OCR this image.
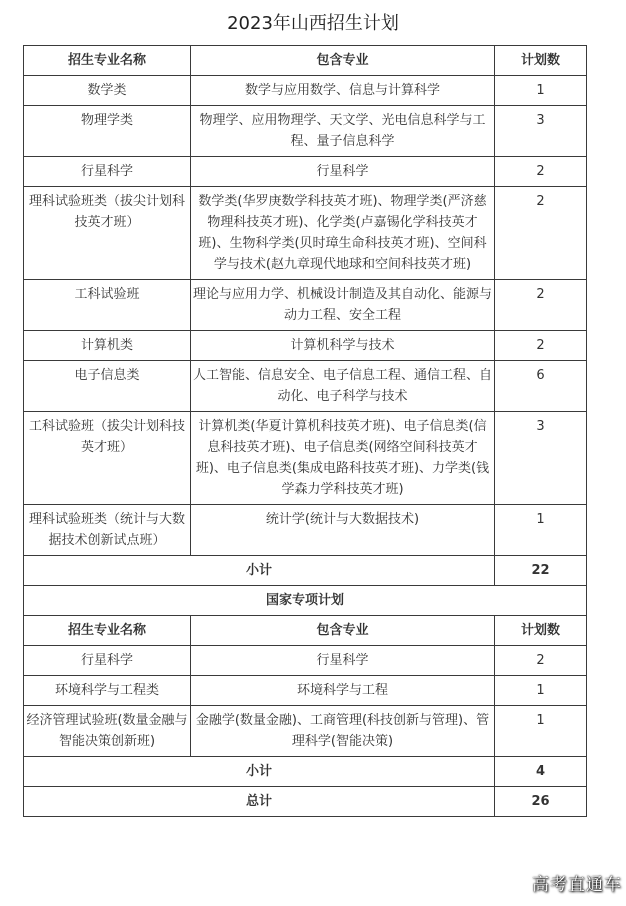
2023年山西招生计划
招生专业名称	包含专业	计划数
数学类	数学与应用数学、信息与计算科学	1
物理学类	物理学、应用物理学、天文学、光电信息科学与工程、量子信息科学	3
行星科学	行星科学	2
理科试验班类（拔尖计划科技英才班）	数学类(华罗庚数学科技英才班)、物理学类(严济慈物理科技英才班)、化学类(卢嘉锡化学科技英才班)、生物科学类(贝时璋生命科技英才班)、空间科学与技术(赵九章现代地球和空间科技英才班)	2
工科试验班	理论与应用力学、机械设计制造及其自动化、能源与动力工程、安全工程	2
计算机类	计算机科学与技术	2
电子信息类	人工智能、信息安全、电子信息工程、通信工程、自动化、电子科学与技术	6
工科试验班（拔尖计划科技英才班）	计算机类(华夏计算机科技英才班)、电子信息类(信息科技英才班)、电子信息类(网络空间科技英才班)、电子信息类(集成电路科技英才班)、力学类(钱学森力学科技英才班)	3
理科试验班类（统计与大数据技术创新试点班）	统计学(统计与大数据技术)	1
小计		22
国家专项计划		
招生专业名称	包含专业	计划数
行星科学	行星科学	2
环境科学与工程类	环境科学与工程	1
经济管理试验班(数量金融与智能决策创新班)	金融学(数量金融)、工商管理(科技创新与管理)、管理科学(智能决策)	1
小计		4
总计		26
高考直通车
